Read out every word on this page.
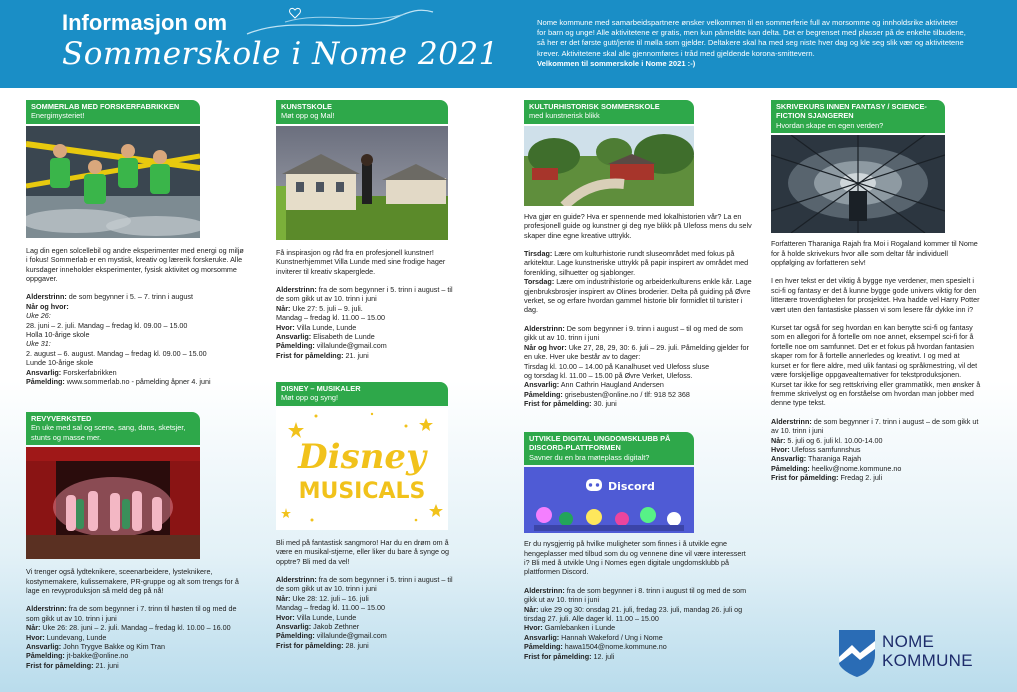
Informasjon om
Sommerskole i Nome 2021
Nome kommune med samarbeidspartnere ønsker velkommen til en sommerferie full av morsomme og innholdsrike aktiviteter for barn og unge! Alle aktivitetene er gratis, men kun påmeldte kan delta. Det er begrenset med plasser på de enkelte tilbudene, så her er det første gutt/jente til mølla som gjelder. Deltakere skal ha med seg niste hver dag og kle seg slik vær og aktivitetene krever. Aktivitetene skal alle gjennomføres i tråd med gjeldende korona-smittevern.
Velkommen til sommerskole i Nome 2021 :-)
SOMMERLAB MED FORSKERFABRIKKEN
Energimysteriet!

Lag din egen solcellebil og andre eksperimenter med energi og miljø i fokus! Sommerlab er en mystisk, kreativ og lærerik forskeruke. Alle kursdager inneholder eksperimenter, fysisk aktivitet og morsomme oppgaver.

Alderstrinn: de som begynner i 5. – 7. trinn i august

Når og hvor:

Uke 26:

28. juni – 2. juli. Mandag – fredag kl. 09.00 – 15.00

Holla 10-årige skole

Uke 31:

2. august – 6. august. Mandag – fredag kl. 09.00 – 15.00

Lunde 10-årige skole

Ansvarlig: Forskerfabrikken

Påmelding: www.sommerlab.no - påmelding åpner 4. juni

REVYVERKSTED
En uke med sal og scene, sang, dans, sketsjer, stunts og masse mer.

Vi trenger også lydteknikere, sceenarbeidere, lysteknikere, kostymemakere, kulissemakere, PR-gruppe og alt som trengs for å lage en revyproduksjon så meld deg på nå!

Alderstrinn: fra de som begynner i 7. trinn til høsten til og med de som gikk ut av 10. trinn i juni

Når: Uke 26: 28. juni – 2. juli. Mandag – fredag kl. 10.00 – 16.00

Hvor: Lundevang, Lunde

Ansvarlig: John Trygve Bakke og Kim Tran

Påmelding: jt-bakke@online.no

Frist for påmelding: 21. juni

KUNSTSKOLE
Møt opp og Mal!

Få inspirasjon og råd fra en profesjonell kunstner! Kunstnerhjemmet Villa Lunde med sine frodige hager inviterer til kreativ skaperglede.

Alderstrinn: fra de som begynner i 5. trinn i august – til de som gikk ut av 10. trinn i juni

Når: Uke 27: 5. juli – 9. juli.

Mandag – fredag kl. 11.00 – 15.00

Hvor: Villa Lunde, Lunde

Ansvarlig: Elisabeth de Lunde

Påmelding: villalunde@gmail.com

Frist for påmelding: 21. juni

DISNEY – MUSIKALER
Møt opp og syng!
Disney
MUSICALS

Bli med på fantastisk sangmoro! Har du en drøm om å være en musikal-stjerne, eller liker du bare å synge og opptre? Bli med da vel!

Alderstrinn: fra de som begynner i 5. trinn i august – til de som gikk ut av 10. trinn i juni

Når: Uke 28: 12. juli – 16. juli

Mandag – fredag kl. 11.00 – 15.00

Hvor: Villa Lunde, Lunde

Ansvarlig: Jakob Zethner

Påmelding: villalunde@gmail.com

Frist for påmelding: 28. juni

KULTURHISTORISK SOMMERSKOLE
med kunstnerisk blikk

Hva gjør en guide? Hva er spennende med lokalhistorien vår? La en profesjonell guide og kunstner gi deg nye blikk på Ulefoss mens du selv skaper dine egne kreative uttrykk.

Tirsdag: Lære om kulturhistorie rundt sluseområdet med fokus på arkitektur. Lage kunstneriske uttrykk på papir inspirert av området med forenkling, silhuetter og sjablonger.

Torsdag: Lære om industrihistorie og arbeiderkulturens enkle kår. Lage gjenbruksbrosjer inspirert av Olines broderier. Delta på guiding på Øvre verket, se og erfare hvordan gammel historie blir formidlet til turister i dag.

Alderstrinn: De som begynner i 9. trinn i august – til og med de som gikk ut av 10. trinn i juni

Når og hvor: Uke 27, 28, 29, 30: 6. juli – 29. juli. Påmelding gjelder for en uke. Hver uke består av to dager:

Tirsdag kl. 10.00 – 14.00 på Kanalhuset ved Ulefoss sluse

og torsdag kl. 11.00 – 15.00 på Øvre Verket, Ulefoss.

Ansvarlig: Ann Cathrin Haugland Andersen

Påmelding: grisebusten@online.no / tlf: 918 52 368

Frist for påmelding: 30. juni

UTVIKLE DIGITAL UNGDOMSKLUBB PÅ DISCORD-PLATTFORMEN
Savner du en bra møteplass digitalt?
Discord

Er du nysgjerrig på hvilke muligheter som finnes i å utvikle egne hengeplasser med tilbud som du og vennene dine vil være interessert i? Bli med å utvikle Ung i Nomes egen digitale ungdomsklubb på plattformen Discord.

Alderstrinn: fra de som begynner i 8. trinn i august til og med de som gikk ut av 10. trinn i juni

Når: uke 29 og 30: onsdag 21. juli, fredag 23. juli, mandag 26. juli og tirsdag 27. juli. Alle dager kl. 11.00 – 15.00

Hvor: Gamlebanken i Lunde

Ansvarlig: Hannah Wakeford / Ung i Nome

Påmelding: hawa1504@nome.kommune.no

Frist for påmelding: 12. juli

SKRIVEKURS INNEN FANTASY / SCIENCE-FICTION SJANGEREN
Hvordan skape en egen verden?

Forfatteren Tharaniga Rajah fra Moi i Rogaland kommer til Nome for å holde skrivekurs hvor alle som deltar får individuell oppfølging av forfatteren selv!

I en hver tekst er det viktig å bygge nye verdener, men spesielt i sci-fi og fantasy er det å kunne bygge gode univers viktig for den litterære troverdigheten for prosjektet. Hva hadde vel Harry Potter vært uten den fantastiske plassen vi som lesere får dykke inn i?

Kurset tar også for seg hvordan en kan benytte sci-fi og fantasy som en allegori for å fortelle om noe annet, eksempel sci-fi for å fortelle noe om samfunnet. Det er et fokus på hvordan fantasien skaper rom for å fortelle annerledes og kreativt. I og med at kurset er for flere aldre, med ulik fantasi og språkmestring, vil det være forskjellige oppgavealternativer for tekstproduksjonen. Kurset tar ikke for seg rettskriving eller grammatikk, men ønsker å fremme skrivelyst og en forståelse om hvordan man jobber med denne type tekst.

Alderstrinn: de som begynner i 7. trinn i august – de som gikk ut av 10. trinn i juni

Når: 5. juli og 6. juli kl. 10.00-14.00

Hvor: Ulefoss samfunnshus

Ansvarlig: Tharaniga Rajah

Påmelding: heelkv@nome.kommune.no

Frist for påmelding: Fredag 2. juli

NOME
KOMMUNE
